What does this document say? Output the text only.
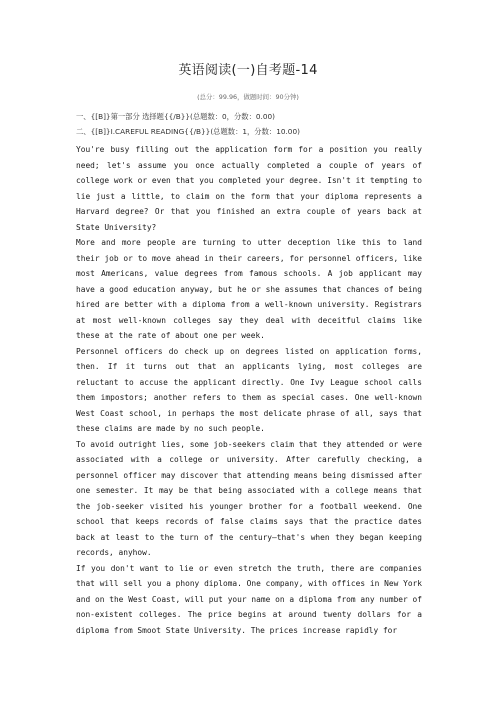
英语阅读(一)自考题-14
(总分：99.96，做题时间：90分钟)
一、{[B]}第一部分 选择题{{/B}}(总题数：0，分数：0.00)
二、{[B]}Ⅰ.CAREFUL READING{{/B}}(总题数：1，分数：10.00)

You're busy filling out the application form for a position you really need; let's assume you once actually completed a couple of years of college work or even that you completed your degree. Isn't it tempting to lie just a little, to claim on the form that your diploma represents a Harvard degree? Or that you finished an extra couple of years back at State University?

More and more people are turning to utter deception like this to land their job or to move ahead in their careers, for personnel officers, like most Americans, value degrees from famous schools. A job applicant may have a good education anyway, but he or she assumes that chances of being hired are better with a diploma from a well-known university. Registrars at most well-known colleges say they deal with deceitful claims like these at the rate of about one per week.

Personnel officers do check up on degrees listed on application forms, then. If it turns out that an applicants lying, most colleges are reluctant to accuse the applicant directly. One Ivy League school calls them impostors; another refers to them as special cases. One well-known West Coast school, in perhaps the most delicate phrase of all, says that these claims are made by no such people.

To avoid outright lies, some job-seekers claim that they attended or were associated with a college or university. After carefully checking, a personnel officer may discover that attending means being dismissed after one semester. It may be that being associated with a college means that the job-seeker visited his younger brother for a football weekend. One school that keeps records of false claims says that the practice dates back at least to the turn of the century—that's when they began keeping records, anyhow.

If you don't want to lie or even stretch the truth, there are companies that will sell you a phony diploma. One company, with offices in New York and on the West Coast, will put your name on a diploma from any number of non-existent colleges. The price begins at around twenty dollars for a diploma from Smoot State University. The prices increase rapidly for
